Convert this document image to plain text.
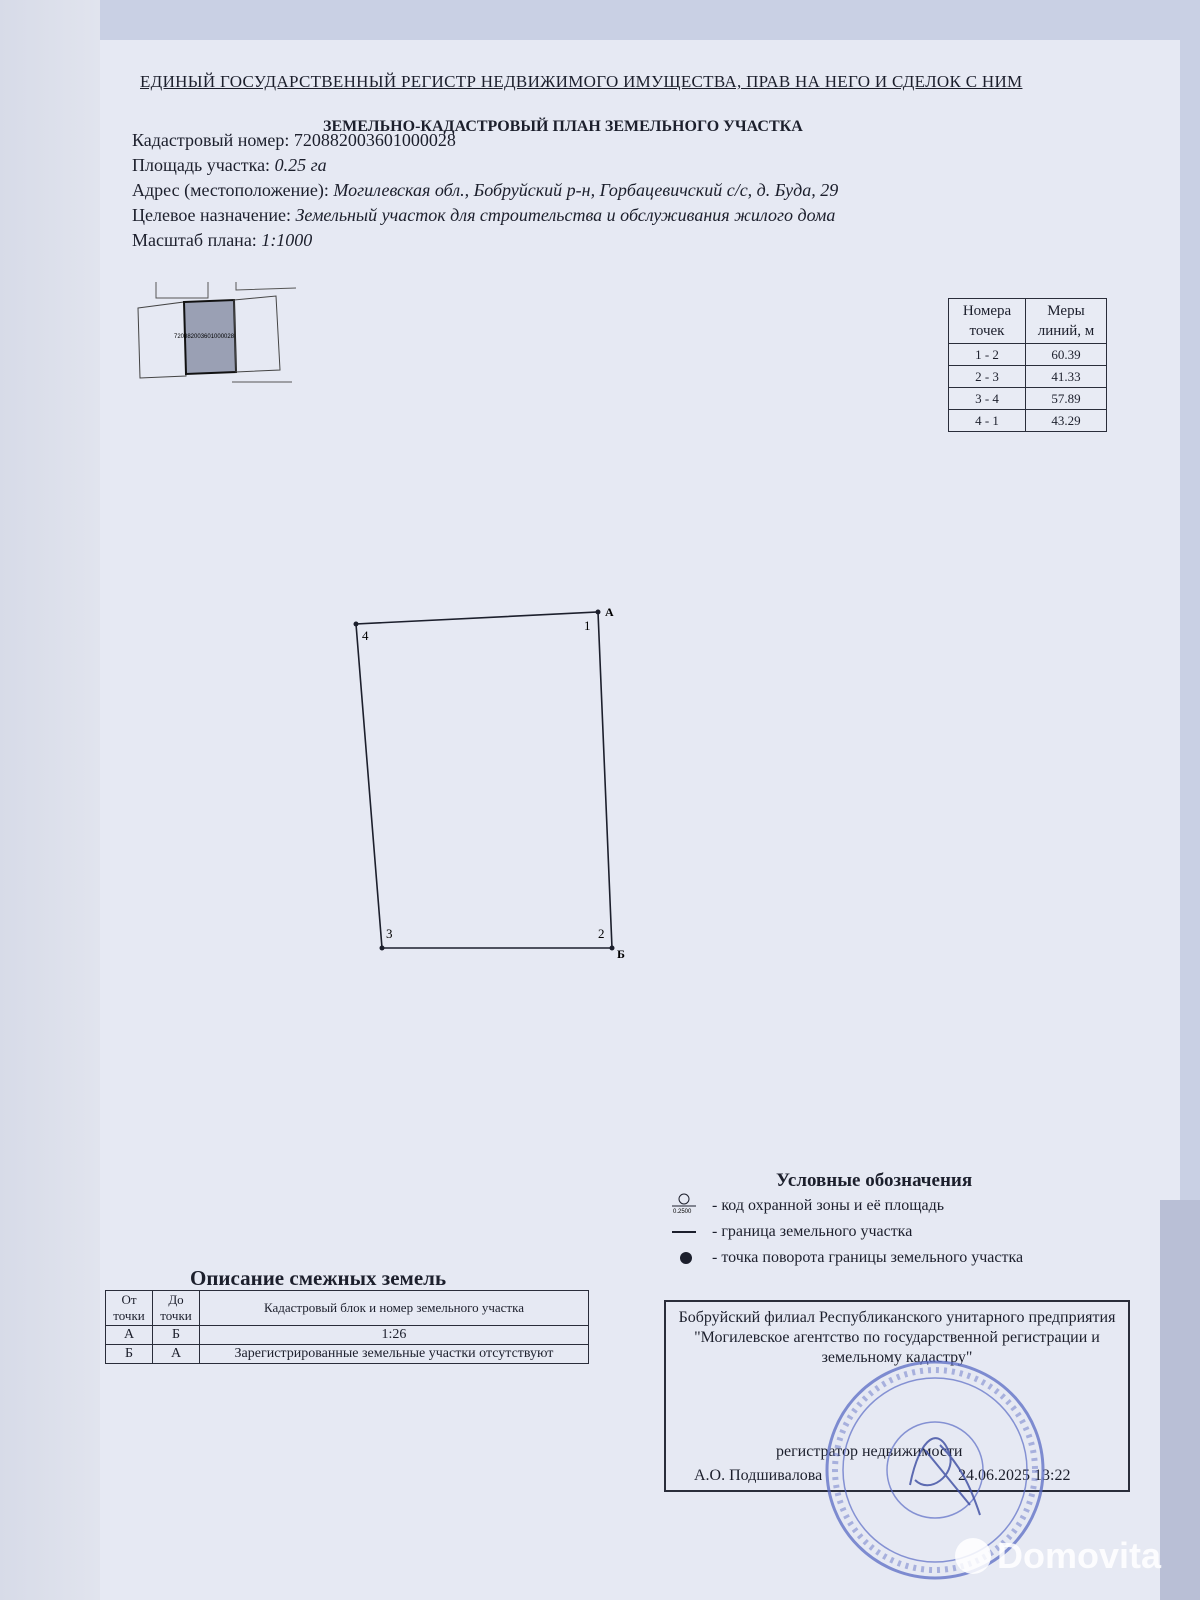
ЕДИНЫЙ ГОСУДАРСТВЕННЫЙ РЕГИСТР НЕДВИЖИМОГО ИМУЩЕСТВА, ПРАВ НА НЕГО И СДЕЛОК С НИМ
ЗЕМЕЛЬНО-КАДАСТРОВЫЙ ПЛАН ЗЕМЕЛЬНОГО УЧАСТКА
Кадастровый номер: 720882003601000028
Площадь участка: 0.25 га
Адрес (местоположение): Могилевская обл., Бобруйский р-н, Горбацевичский с/с, д. Буда, 29
Целевое назначение: Земельный участок для строительства и обслуживания жилого дома
Масштаб плана: 1:1000
720882003601000028
Номера точек	Меры линий, м
1 - 2	60.39
2 - 3	41.33
3 - 4	57.89
4 - 1	43.29
1
А
2
Б
3
4
Условные обозначения
0.2500 - код охранной зоны и её площадь
- граница земельного участка
- точка поворота границы земельного участка
Описание смежных земель
От точки	До точки	Кадастровый блок и номер земельного участка
А	Б	1:26
Б	А	Зарегистрированные земельные участки отсутствуют
Бобруйский филиал Республиканского унитарного предприятия "Могилевское агентство по государственной регистрации и земельному кадастру"
регистратор недвижимости
А.О. Подшивалова	24.06.2025 13:22
Domovita
